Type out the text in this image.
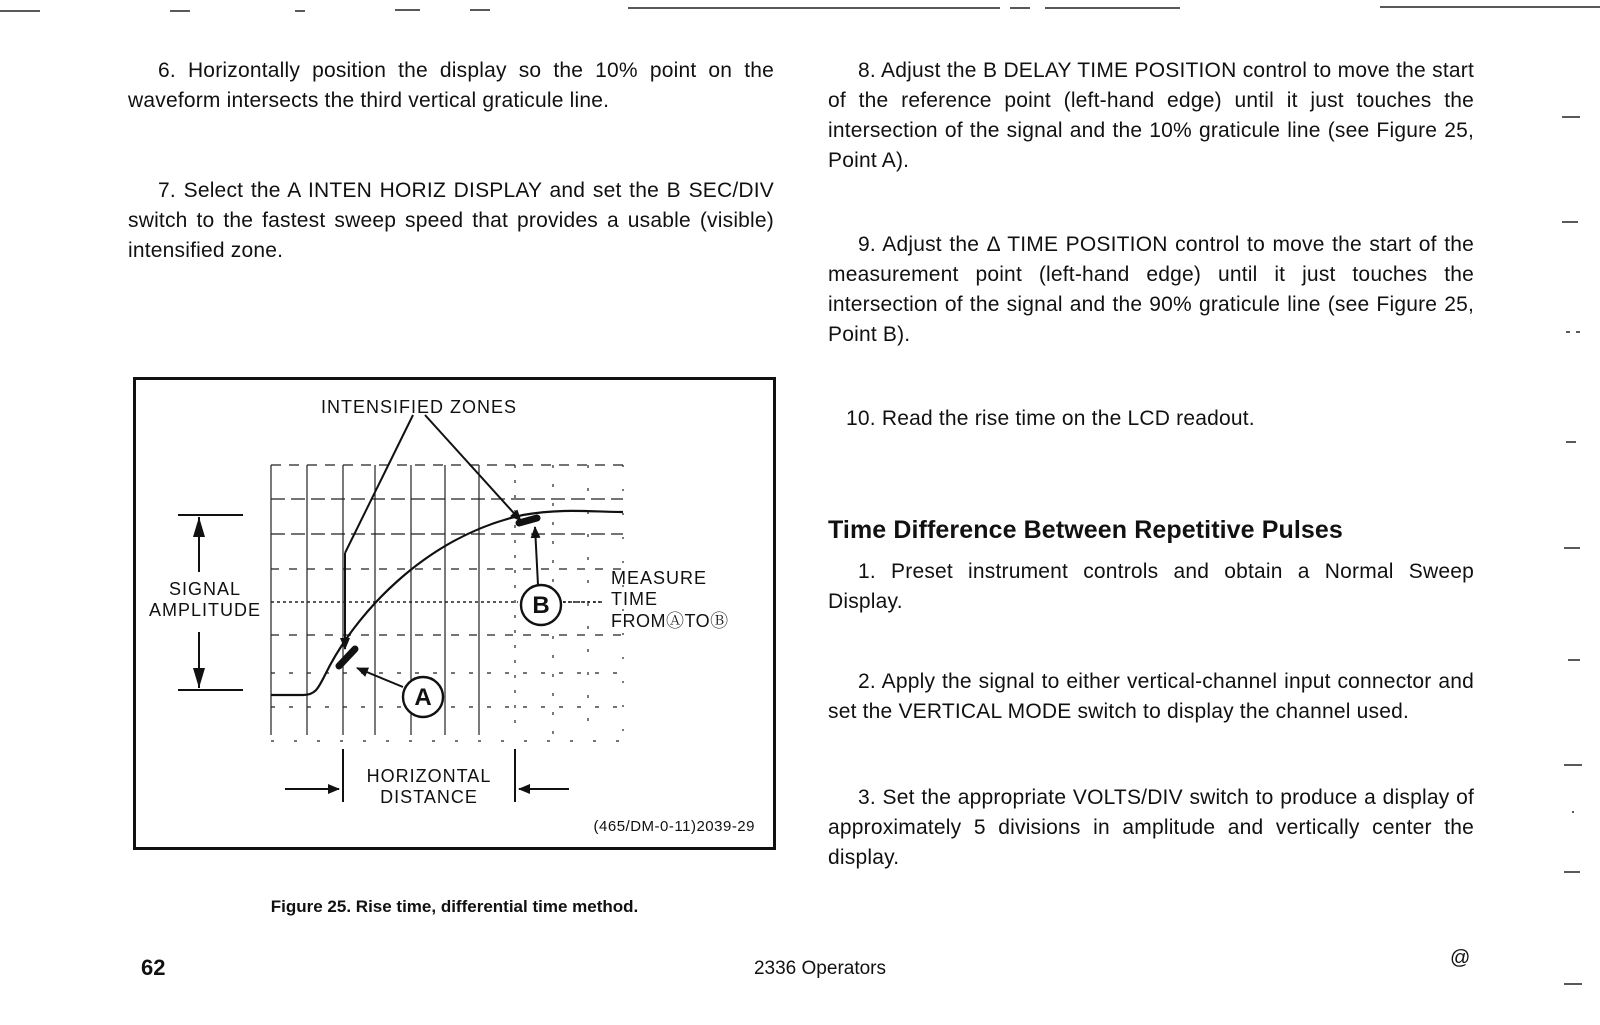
6. Horizontally position the display so the 10% point on the waveform intersects the third vertical graticule line.

7. Select the A INTEN HORIZ DISPLAY and set the B SEC/DIV switch to the fastest sweep speed that provides a usable (visible) intensified zone.

8. Adjust the B DELAY TIME POSITION control to move the start of the reference point (left-hand edge) until it just touches the intersection of the signal and the 10% graticule line (see Figure 25, Point A).

9. Adjust the Δ TIME POSITION control to move the start of the measurement point (left-hand edge) until it just touches the intersection of the signal and the 90% graticule line (see Figure 25, Point B).

10. Read the rise time on the LCD readout.

Time Difference Between Repetitive Pulses

1. Preset instrument controls and obtain a Normal Sweep Display.

2. Apply the signal to either vertical-channel input connector and set the VERTICAL MODE switch to display the channel used.

3. Set the appropriate VOLTS/DIV switch to produce a display of approximately 5 divisions in amplitude and vertically center the display.

INTENSIFIED ZONES
SIGNAL
AMPLITUDE
MEASURE
TIME
FROMⒶTOⒷ
B
A
HORIZONTAL
DISTANCE
(465/DM-0-11)2039-29
Figure 25. Rise time, differential time method.
62	2336 Operators	@
